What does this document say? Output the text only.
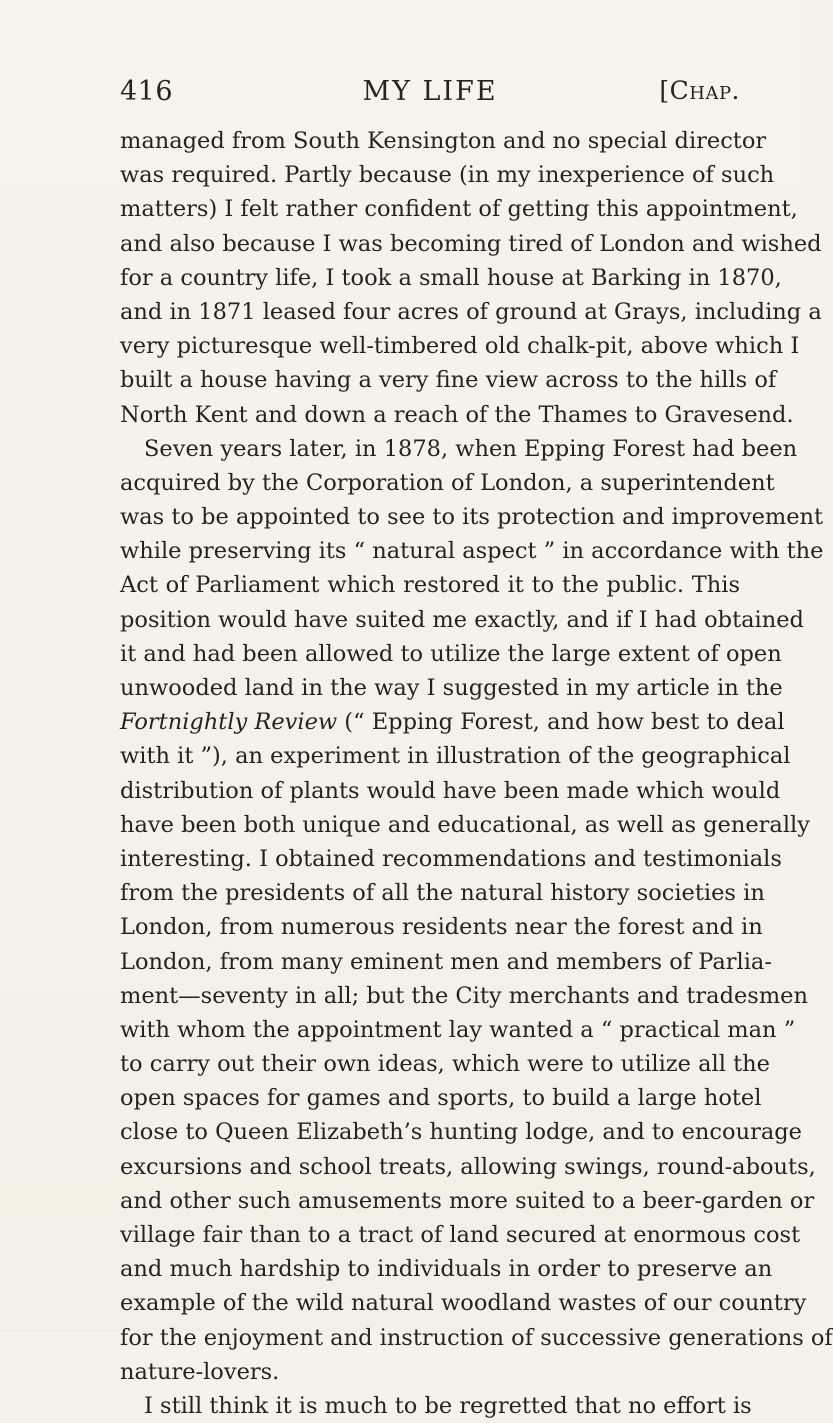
416	MY LIFE	[Chap.
managed from South Kensington and no special director
was required. Partly because (in my inexperience of such
matters) I felt rather confident of getting this appointment,
and also because I was becoming tired of London and wished
for a country life, I took a small house at Barking in 1870,
and in 1871 leased four acres of ground at Grays, including a
very picturesque well-timbered old chalk-pit, above which I
built a house having a very fine view across to the hills of
North Kent and down a reach of the Thames to Gravesend.
Seven years later, in 1878, when Epping Forest had been
acquired by the Corporation of London, a superintendent
was to be appointed to see to its protection and improvement
while preserving its “ natural aspect ” in accordance with the
Act of Parliament which restored it to the public. This
position would have suited me exactly, and if I had obtained
it and had been allowed to utilize the large extent of open
unwooded land in the way I suggested in my article in the
Fortnightly Review (“ Epping Forest, and how best to deal
with it ”), an experiment in illustration of the geographical
distribution of plants would have been made which would
have been both unique and educational, as well as generally
interesting. I obtained recommendations and testimonials
from the presidents of all the natural history societies in
London, from numerous residents near the forest and in
London, from many eminent men and members of Parlia-
ment—seventy in all; but the City merchants and tradesmen
with whom the appointment lay wanted a “ practical man ”
to carry out their own ideas, which were to utilize all the
open spaces for games and sports, to build a large hotel
close to Queen Elizabeth’s hunting lodge, and to encourage
excursions and school treats, allowing swings, round-abouts,
and other such amusements more suited to a beer-garden or
village fair than to a tract of land secured at enormous cost
and much hardship to individuals in order to preserve an
example of the wild natural woodland wastes of our country
for the enjoyment and instruction of successive generations of
nature-lovers.
I still think it is much to be regretted that no effort is
